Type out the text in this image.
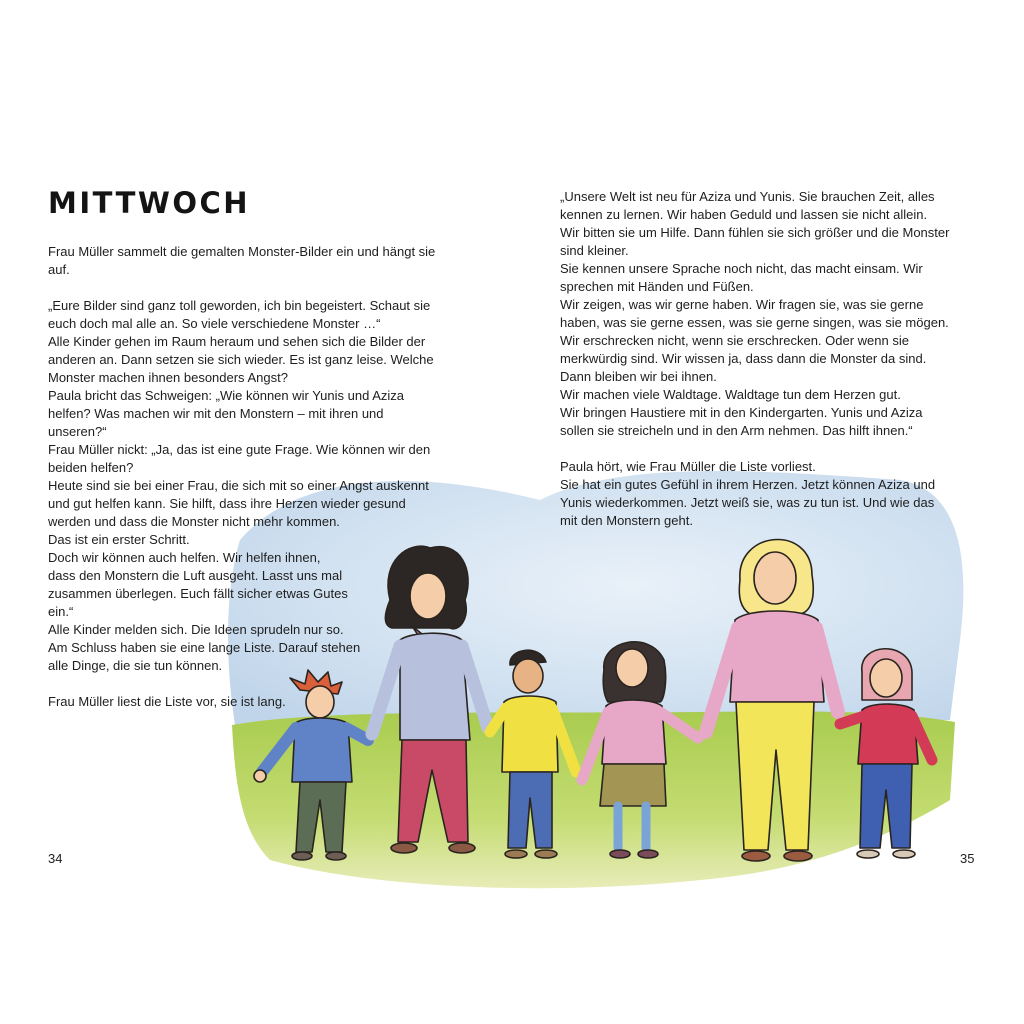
MITTWOCH

Frau Müller sammelt die gemalten Monster-Bilder ein und hängt sie

auf.

„Eure Bilder sind ganz toll geworden, ich bin begeistert. Schaut sie

euch doch mal alle an. So viele verschiedene Monster …“

Alle Kinder gehen im Raum heraum und sehen sich die Bilder der

anderen an. Dann setzen sie sich wieder. Es ist ganz leise. Welche

Monster machen ihnen besonders Angst?

Paula bricht das Schweigen: „Wie können wir Yunis und Aziza

helfen? Was machen wir mit den Monstern – mit ihren und

unseren?“

Frau Müller nickt: „Ja, das ist eine gute Frage. Wie können wir den

beiden helfen?

Heute sind sie bei einer Frau, die sich mit so einer Angst auskennt

und gut helfen kann. Sie hilft, dass ihre Herzen wieder gesund

werden und dass die Monster nicht mehr kommen.

Das ist ein erster Schritt.

Doch wir können auch helfen. Wir helfen ihnen,

dass den Monstern die Luft ausgeht. Lasst uns mal

zusammen überlegen. Euch fällt sicher etwas Gutes

ein.“

Alle Kinder melden sich. Die Ideen sprudeln nur so.

Am Schluss haben sie eine lange Liste. Darauf stehen

alle Dinge, die sie tun können.

Frau Müller liest die Liste vor, sie ist lang.

„Unsere Welt ist neu für Aziza und Yunis. Sie brauchen Zeit, alles

kennen zu lernen. Wir haben Geduld und lassen sie nicht allein.

Wir bitten sie um Hilfe. Dann fühlen sie sich größer und die Monster

sind kleiner.

Sie kennen unsere Sprache noch nicht, das macht einsam. Wir

sprechen mit Händen und Füßen.

Wir zeigen, was wir gerne haben. Wir fragen sie, was sie gerne

haben, was sie gerne essen, was sie gerne singen, was sie mögen.

Wir erschrecken nicht, wenn sie erschrecken. Oder wenn sie

merkwürdig sind. Wir wissen ja, dass dann die Monster da sind.

Dann bleiben wir bei ihnen.

Wir machen viele Waldtage. Waldtage tun dem Herzen gut.

Wir bringen Haustiere mit in den Kindergarten. Yunis und Aziza

sollen sie streicheln und in den Arm nehmen. Das hilft ihnen.“

Paula hört, wie Frau Müller die Liste vorliest.

Sie hat ein gutes Gefühl in ihrem Herzen. Jetzt können Aziza und

Yunis wiederkommen. Jetzt weiß sie, was zu tun ist. Und wie das

mit den Monstern geht.

34	35
